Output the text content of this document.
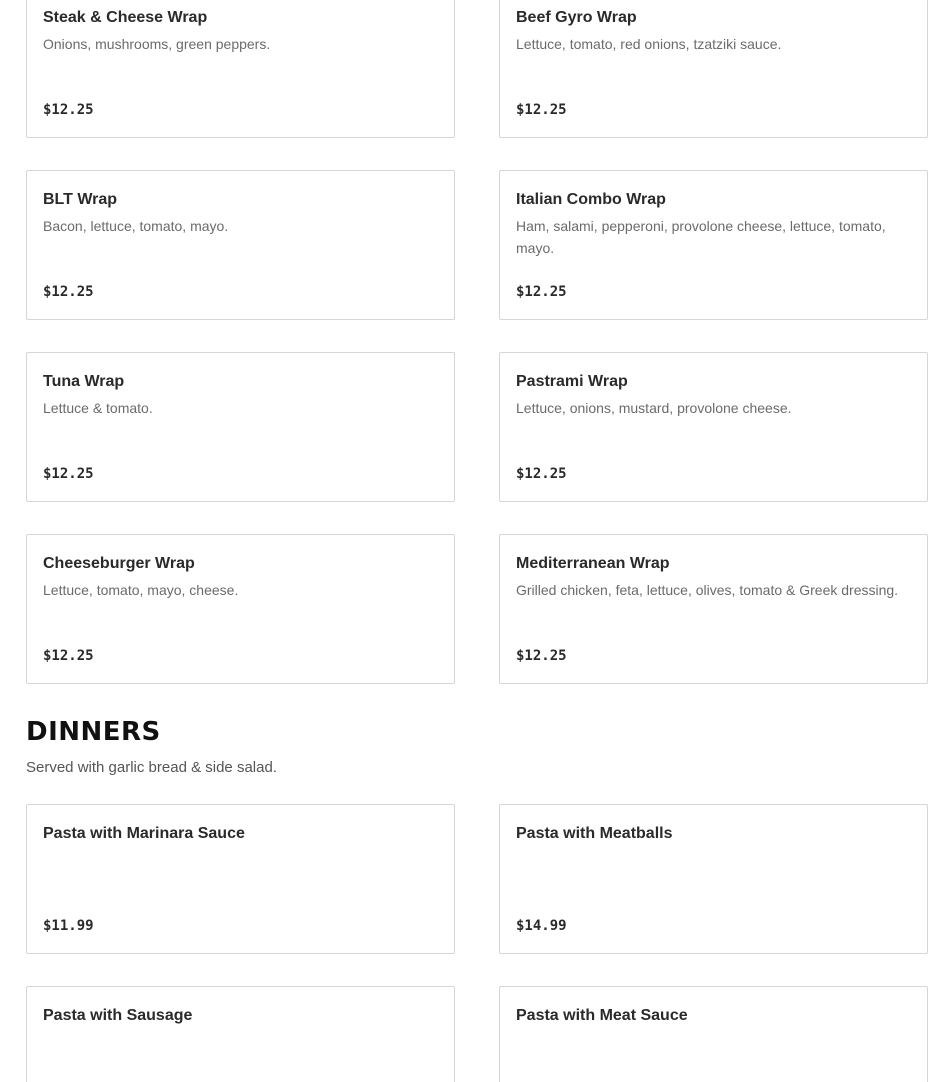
Steak & Cheese Wrap
Onions, mushrooms, green peppers.
$12.25
Beef Gyro Wrap
Lettuce, tomato, red onions, tzatziki sauce.
$12.25
BLT Wrap
Bacon, lettuce, tomato, mayo.
$12.25
Italian Combo Wrap
Ham, salami, pepperoni, provolone cheese, lettuce, tomato, mayo.
$12.25
Tuna Wrap
Lettuce & tomato.
$12.25
Pastrami Wrap
Lettuce, onions, mustard, provolone cheese.
$12.25
Cheeseburger Wrap
Lettuce, tomato, mayo, cheese.
$12.25
Mediterranean Wrap
Grilled chicken, feta, lettuce, olives, tomato & Greek dressing.
$12.25
DINNERS
Served with garlic bread & side salad.
Pasta with Marinara Sauce
$11.99
Pasta with Meatballs
$14.99
Pasta with Sausage	Pasta with Meat Sauce
